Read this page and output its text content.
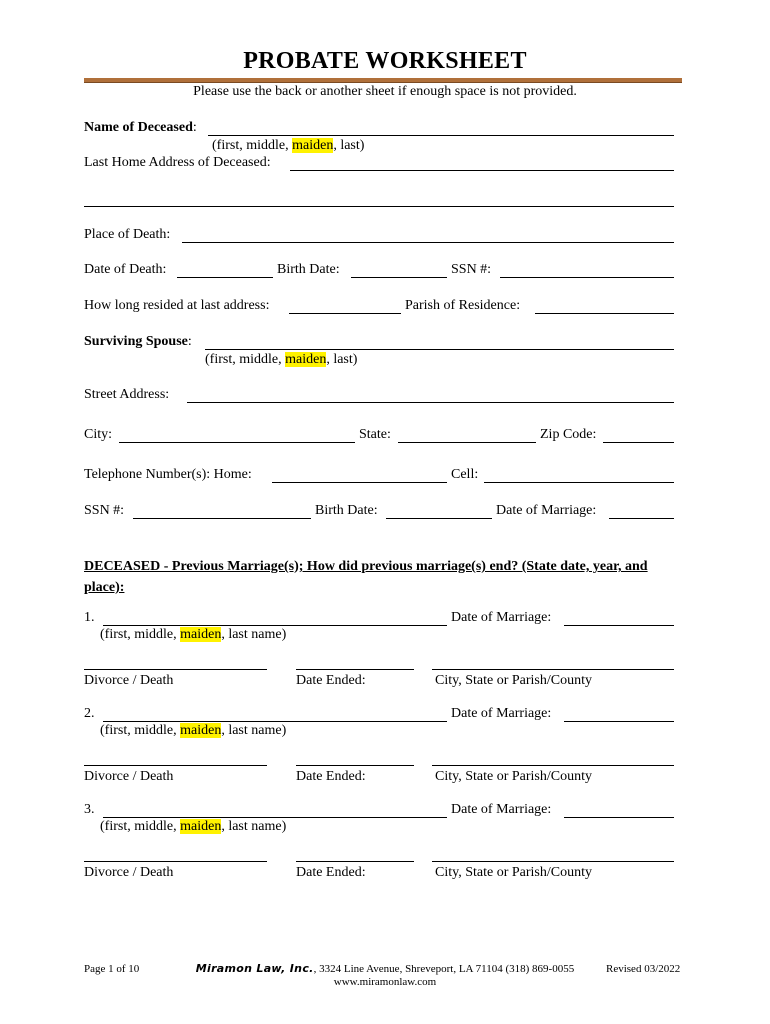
PROBATE WORKSHEET
Please use the back or another sheet if enough space is not provided.
Name of Deceased:
(first, middle, maiden, last)
Last Home Address of Deceased:
Place of Death:
Date of Death:	Birth Date:	SSN #:
How long resided at last address:	Parish of Residence:
Surviving Spouse:
(first, middle, maiden, last)
Street Address:
City:	State:	Zip Code:
Telephone Number(s): Home:	Cell:
SSN #:	Birth Date:	Date of Marriage:
DECEASED - Previous Marriage(s); How did previous marriage(s) end? (State date, year, and place):
1.	Date of Marriage:
(first, middle, maiden, last name)
Divorce / Death	Date Ended:	City, State or Parish/County
2.	Date of Marriage:
(first, middle, maiden, last name)
Divorce / Death	Date Ended:	City, State or Parish/County
3.	Date of Marriage:
(first, middle, maiden, last name)
Divorce / Death	Date Ended:	City, State or Parish/County
Page 1 of 10	Miramon Law, Inc., 3324 Line Avenue, Shreveport, LA 71104 (318) 869-0055
www.miramonlaw.com
Revised 03/2022
